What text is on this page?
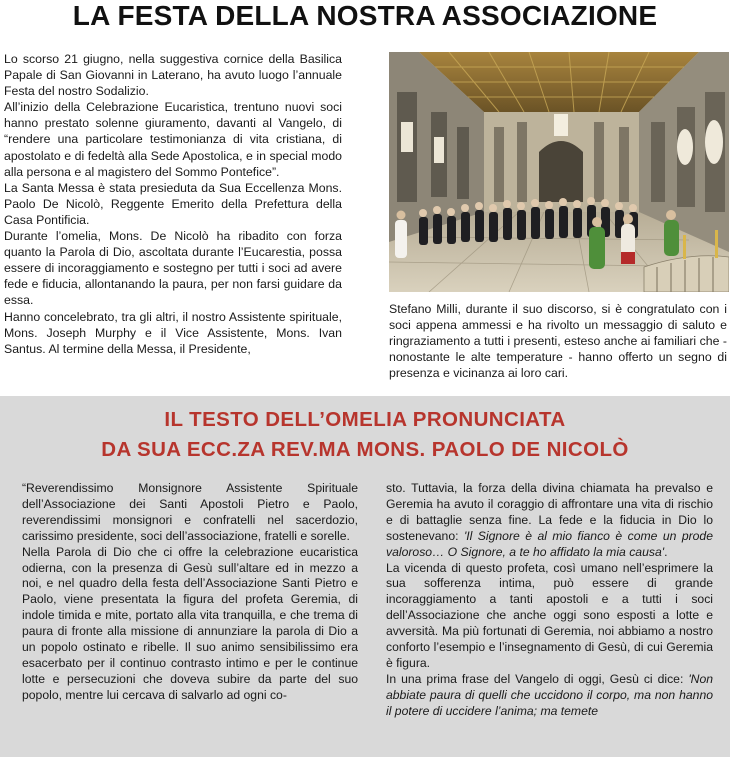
LA FESTA DELLA NOSTRA ASSOCIAZIONE

Lo scorso 21 giugno, nella suggestiva cornice della Basilica Papale di San Giovanni in Laterano, ha avuto luogo l’annuale Festa del nostro Sodalizio.

All’inizio della Celebrazione Eucaristica, trentuno nuovi soci hanno prestato solenne giuramento, davanti al Vangelo, di “rendere una particolare testimonianza di vita cristiana, di apostolato e di fedeltà alla Sede Apostolica, e in special modo alla persona e al magistero del Sommo Pontefice”.

La Santa Messa è stata presieduta da Sua Eccellenza Mons. Paolo De Nicolò, Reggente Emerito della Prefettura della Casa Pontificia.

Durante l’omelia, Mons. De Nicolò ha ribadito con forza quanto la Parola di Dio, ascoltata durante l’Eucarestia, possa essere di incoraggiamento e sostegno per tutti i soci ad avere fede e fiducia, allontanando la paura, per non farsi guidare da essa.

Hanno concelebrato, tra gli altri, il nostro Assistente spirituale, Mons. Joseph Murphy e il Vice Assistente, Mons. Ivan Santus. Al termine della Messa, il Presidente,

Stefano Milli, durante il suo discorso, si è congratulato con i soci appena ammessi e ha rivolto un messaggio di saluto e ringraziamento a tutti i presenti, esteso anche ai familiari che - nonostante le alte temperature - hanno offerto un segno di presenza e vicinanza ai loro cari.

IL TESTO DELL’OMELIA PRONUNCIATA
DA SUA ECC.ZA REV.MA MONS. PAOLO DE NICOLÒ

“Reverendissimo Monsignore Assistente Spirituale dell’Associazione dei Santi Apostoli Pietro e Paolo, reverendissimi monsignori e confratelli nel sacerdozio, carissimo presidente, soci dell’associazione, fratelli e sorelle.

Nella Parola di Dio che ci offre la celebrazione eucaristica odierna, con la presenza di Gesù sull’altare ed in mezzo a noi, e nel quadro della festa dell’Associazione Santi Pietro e Paolo, viene presentata la figura del profeta Geremia, di indole timida e mite, portato alla vita tranquilla, e che trema di paura di fronte alla missione di annunziare la parola di Dio a un popolo ostinato e ribelle. Il suo animo sensibilissimo era esacerbato per il continuo contrasto intimo e per le continue lotte e persecuzioni che doveva subire da parte del suo popolo, mentre lui cercava di salvarlo ad ogni co-

sto. Tuttavia, la forza della divina chiamata ha prevalso e Geremia ha avuto il coraggio di affrontare una vita di rischio e di battaglie senza fine. La fede e la fiducia in Dio lo sostenevano: 'Il Signore è al mio fianco è come un prode valoroso… O Signore, a te ho affidato la mia causa'.

La vicenda di questo profeta, così umano nell’esprimere la sua sofferenza intima, può essere di grande incoraggiamento a tanti apostoli e a tutti i soci dell’Associazione che anche oggi sono esposti a lotte e avversità. Ma più fortunati di Geremia, noi abbiamo a nostro conforto l’esempio e l’insegnamento di Gesù, di cui Geremia è figura.

In una prima frase del Vangelo di oggi, Gesù ci dice: 'Non abbiate paura di quelli che uccidono il corpo, ma non hanno il potere di uccidere l’anima; ma temete
